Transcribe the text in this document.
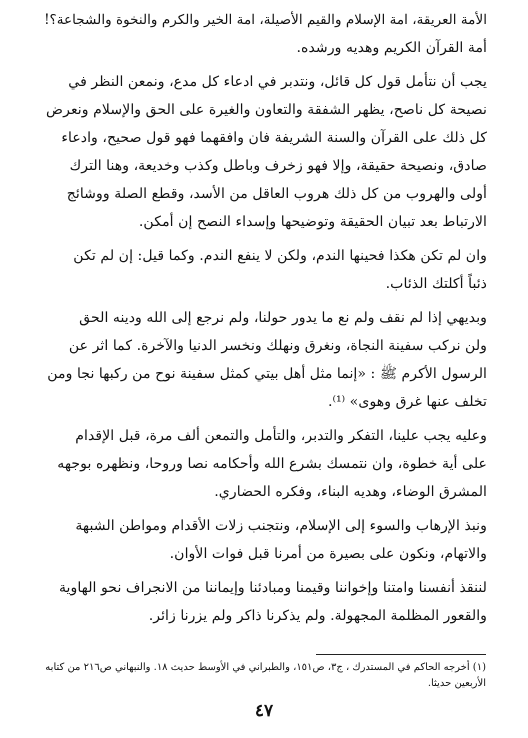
الأمة العريقة، امة الإسلام والقيم الأصيلة، امة الخير والكرم والنخوة والشجاعة؟!
أمة القرآن الكريم وهديه ورشده.

يجب أن نتأمل قول كل قائل، ونتدبر في ادعاء كل مدع، ونمعن النظر في
نصيحة كل ناصح، يظهر الشفقة والتعاون والغيرة على الحق والإسلام ونعرض
كل ذلك على القرآن والسنة الشريفة فان وافقهما فهو قول صحيح، وادعاء
صادق، ونصيحة حقيقة، وإلا فهو زخرف وباطل وكذب وخديعة، وهنا الترك
أولى والهروب من كل ذلك هروب العاقل من الأسد، وقطع الصلة ووشائج
الارتباط بعد تبيان الحقيقة وتوضيحها وإسداء النصح إن أمكن.

وان لم تكن هكذا فحينها الندم، ولكن لا ينفع الندم. وكما قيل: إن لم تكن
ذئباً أكلتك الذئاب.

وبديهي إذا لم نقف ولم نع ما يدور حولنا، ولم نرجع إلى الله ودينه الحق
ولن نركب سفينة النجاة، ونغرق ونهلك ونخسر الدنيا والآخرة. كما اثر عن
الرسول الأكرم ﷺ : «إنما مثل أهل بيتي كمثل سفينة نوح من ركبها نجا ومن
تخلف عنها غرق وهوى» ⁽¹⁾.

وعليه يجب علينا، التفكر والتدبر، والتأمل والتمعن ألف مرة، قبل الإقدام
على أية خطوة، وان نتمسك بشرع الله وأحكامه نصا وروحا، ونظهره بوجهه
المشرق الوضاء، وهديه البناء، وفكره الحضاري.

ونبذ الإرهاب والسوء إلى الإسلام، ونتجنب زلات الأقدام ومواطن الشبهة
والاتهام، ونكون على بصيرة من أمرنا قبل فوات الأوان.

لننقذ أنفسنا وامتنا وإخواننا وقيمنا ومبادئنا وإيماننا من الانجراف نحو الهاوية
والقعور المظلمة المجهولة. ولم يذكرنا ذاكر ولم يزرنا زائر.

(١) أخرجه الحاكم في المستدرك ، ج٣، ص١٥١، والطبراني في الأوسط حديث ١٨. والنبهاني ص٢١٦ من كتابه
الأربعين حديثا.
٤٧
